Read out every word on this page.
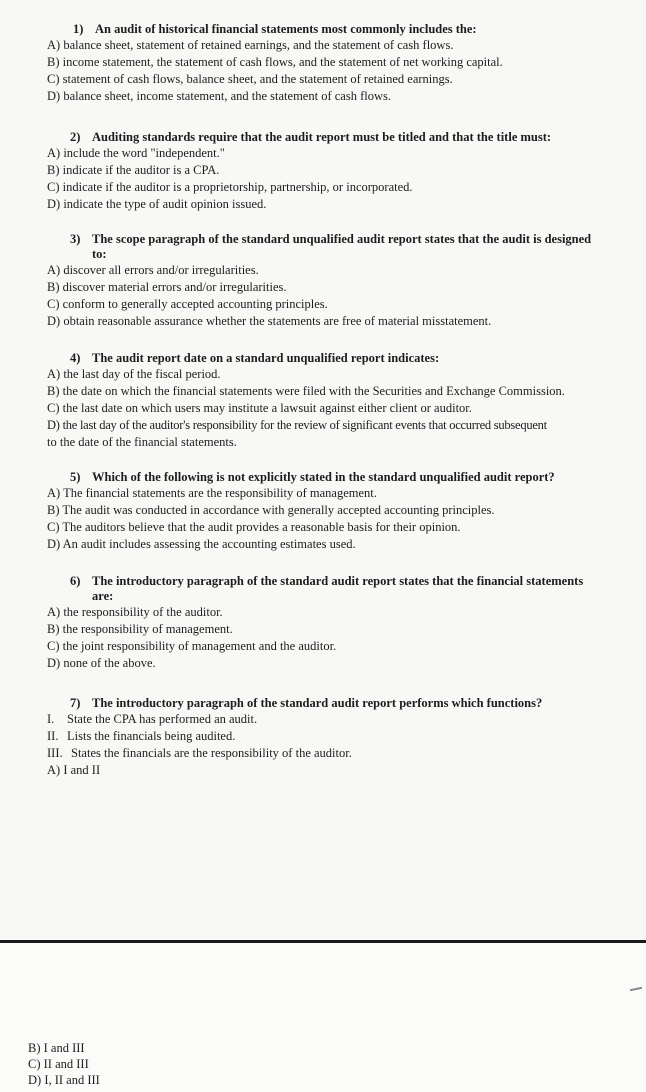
1) An audit of historical financial statements most commonly includes the:
A) balance sheet, statement of retained earnings, and the statement of cash flows.
B) income statement, the statement of cash flows, and the statement of net working capital.
C) statement of cash flows, balance sheet, and the statement of retained earnings.
D) balance sheet, income statement, and the statement of cash flows.
2) Auditing standards require that the audit report must be titled and that the title must:
A) include the word "independent."
B) indicate if the auditor is a CPA.
C) indicate if the auditor is a proprietorship, partnership, or incorporated.
D) indicate the type of audit opinion issued.
3) The scope paragraph of the standard unqualified audit report states that the audit is designed
to:
A) discover all errors and/or irregularities.
B) discover material errors and/or irregularities.
C) conform to generally accepted accounting principles.
D) obtain reasonable assurance whether the statements are free of material misstatement.
4) The audit report date on a standard unqualified report indicates:
A) the last day of the fiscal period.
B) the date on which the financial statements were filed with the Securities and Exchange Commission.
C) the last date on which users may institute a lawsuit against either client or auditor.
D) the last day of the auditor's responsibility for the review of significant events that occurred subsequent
to the date of the financial statements.
5) Which of the following is not explicitly stated in the standard unqualified audit report?
A) The financial statements are the responsibility of management.
B) The audit was conducted in accordance with generally accepted accounting principles.
C) The auditors believe that the audit provides a reasonable basis for their opinion.
D) An audit includes assessing the accounting estimates used.
6) The introductory paragraph of the standard audit report states that the financial statements
are:
A) the responsibility of the auditor.
B) the responsibility of management.
C) the joint responsibility of management and the auditor.
D) none of the above.
7) The introductory paragraph of the standard audit report performs which functions?
I. State the CPA has performed an audit.
II. Lists the financials being audited.
III. States the financials are the responsibility of the auditor.
A) I and II
B) I and III
C) II and III
D) I, II and III
